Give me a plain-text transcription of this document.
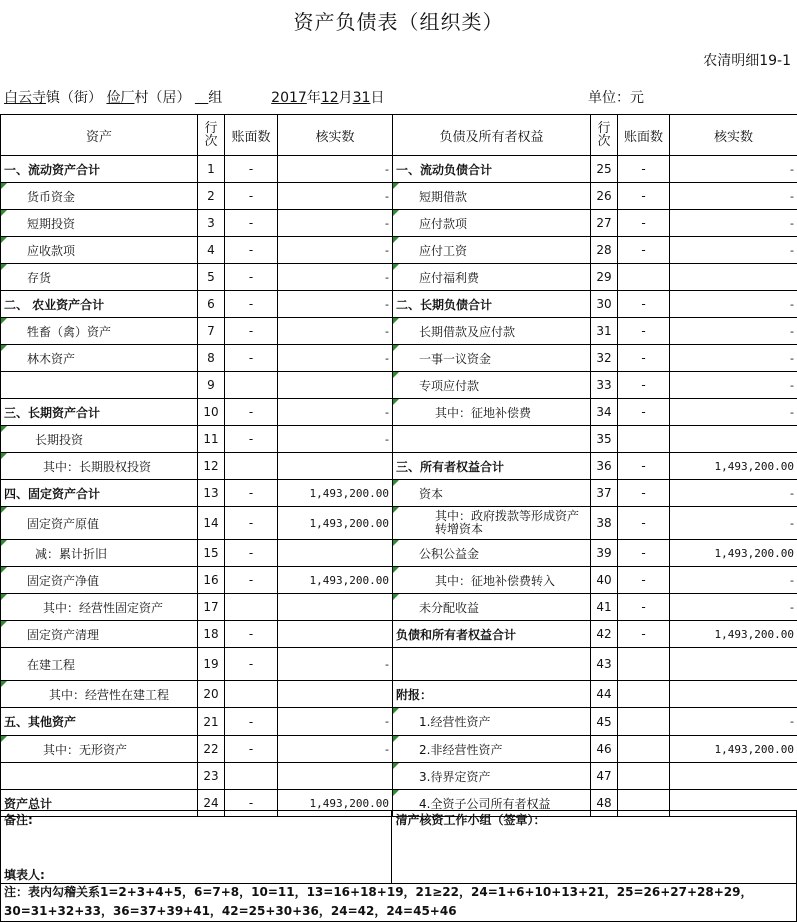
资产负债表（组织类）
农清明细19-1
白云寺镇（街） 俭厂村（居） 组	2017年12月31日	单位：元
资产	行次	账面数	核实数	负债及所有者权益	行次	账面数	核实数
一、流动资产合计	1	-	-	一、流动负债合计	25	-	-
货币资金	2	-	-	短期借款	26	-	-
短期投资	3	-	-	应付款项	27	-	-
应收款项	4	-	-	应付工资	28	-	-
存货	5	-	-	应付福利费	29		
二、 农业资产合计	6	-	-	二、长期负债合计	30	-	-
牲畜（禽）资产	7	-	-	长期借款及应付款	31	-	-
林木资产	8	-	-	一事一议资金	32	-	-
	9			专项应付款	33	-	-
三、长期资产合计	10	-	-	其中：征地补偿费	34	-	-
长期投资	11	-	-		35		
其中：长期股权投资	12			三、所有者权益合计	36	-	1,493,200.00
四、固定资产合计	13	-	1,493,200.00	资本	37	-	-
固定资产原值	14	-	1,493,200.00	其中：政府拨款等形成资产转增资本	38	-	-
减：累计折旧	15	-		公积公益金	39	-	1,493,200.00
固定资产净值	16	-	1,493,200.00	其中：征地补偿费转入	40	-	-
其中：经营性固定资产	17			未分配收益	41	-	-
固定资产清理	18	-		负债和所有者权益合计	42	-	1,493,200.00
在建工程	19	-	-		43		
其中：经营性在建工程	20			附报：	44		
五、其他资产	21	-	-	1.经营性资产	45		-
其中：无形资产	22	-	-	2.非经营性资产	46		1,493,200.00
	23			3.待界定资产	47		
资产总计	24	-	1,493,200.00	4.全资子公司所有者权益	48		
备注:
填表人:

清产核资工作小组（签章）：
注：表内勾稽关系1=2+3+4+5，6=7+8，10=11，13=16+18+19，21≥22，24=1+6+10+13+21，25=26+27+28+29，
30=31+32+33，36=37+39+41，42=25+30+36，24=42，24=45+46
